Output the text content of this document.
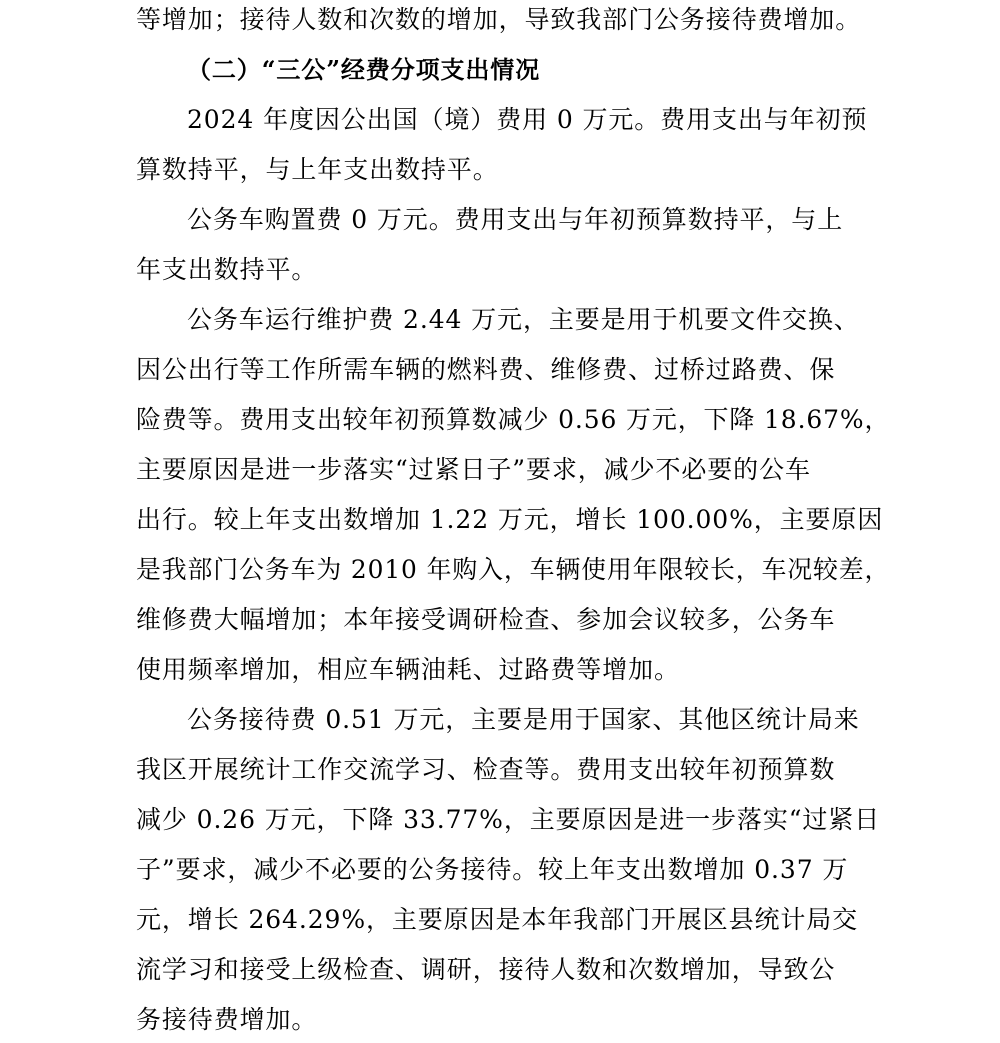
等增加；接待人数和次数的增加，导致我部门公务接待费增加。
（二）“三公”经费分项支出情况
2024 年度因公出国（境）费用 0 万元。费用支出与年初预
算数持平，与上年支出数持平。
公务车购置费 0 万元。费用支出与年初预算数持平，与上
年支出数持平。
公务车运行维护费 2.44 万元，主要是用于机要文件交换、
因公出行等工作所需车辆的燃料费、维修费、过桥过路费、保
险费等。费用支出较年初预算数减少 0.56 万元，下降 18.67%，
主要原因是进一步落实“过紧日子”要求，减少不必要的公车
出行。较上年支出数增加 1.22 万元，增长 100.00%，主要原因
是我部门公务车为 2010 年购入，车辆使用年限较长，车况较差，
维修费大幅增加；本年接受调研检查、参加会议较多，公务车
使用频率增加，相应车辆油耗、过路费等增加。
公务接待费 0.51 万元，主要是用于国家、其他区统计局来
我区开展统计工作交流学习、检查等。费用支出较年初预算数
减少 0.26 万元，下降 33.77%，主要原因是进一步落实“过紧日
子”要求，减少不必要的公务接待。较上年支出数增加 0.37 万
元，增长 264.29%，主要原因是本年我部门开展区县统计局交
流学习和接受上级检查、调研，接待人数和次数增加，导致公
务接待费增加。
